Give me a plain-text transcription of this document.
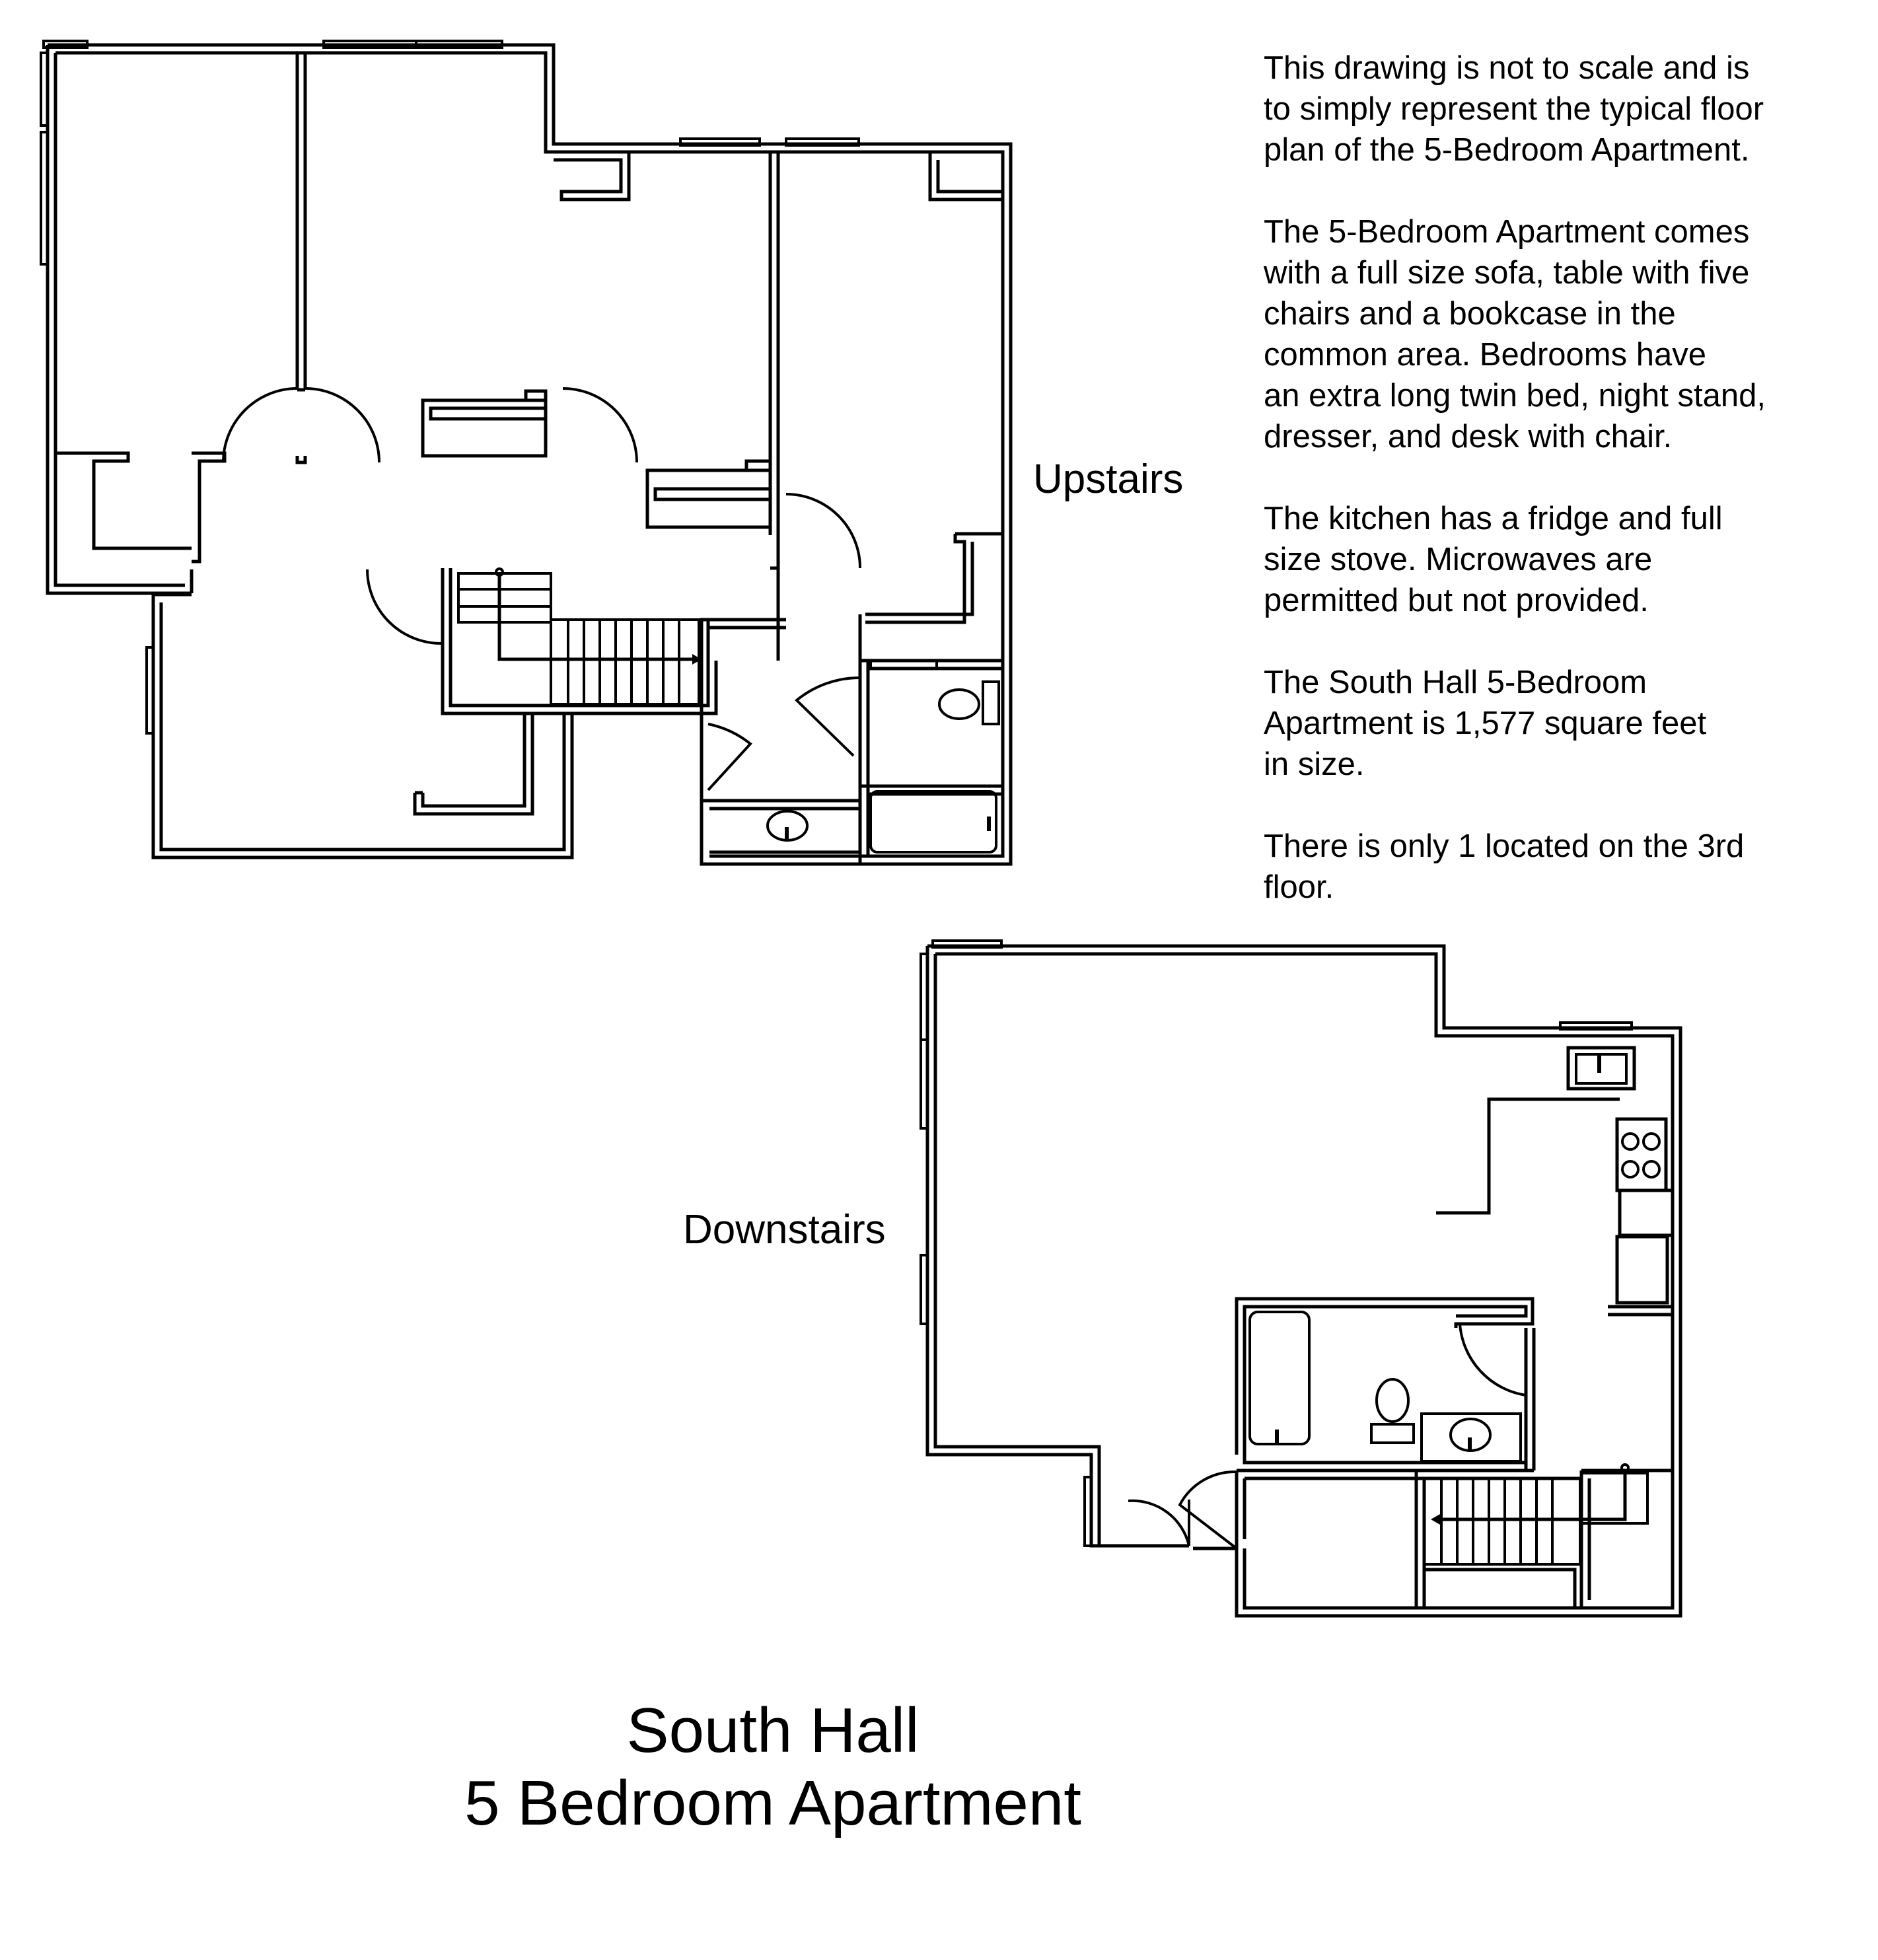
Upstairs
Downstairs

This drawing is not to scale and is
to simply represent the typical floor
plan of the 5-Bedroom Apartment.

The 5-Bedroom Apartment comes
with a full size sofa, table with five
chairs and a bookcase in the
common area. Bedrooms have
an extra long twin bed, night stand,
dresser, and desk with chair.

The kitchen has a fridge and full
size stove. Microwaves are
permitted but not provided.

The South Hall 5-Bedroom
Apartment is 1,577 square feet
in size.

There is only 1 located on the 3rd
floor.

South Hall
5 Bedroom Apartment
